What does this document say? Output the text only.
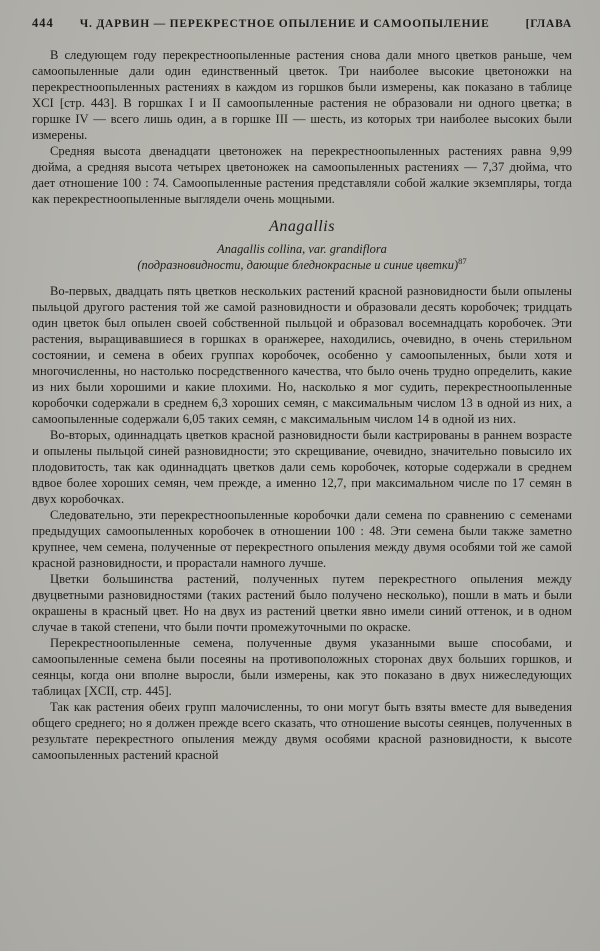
444 Ч. ДАРВИН — ПЕРЕКРЕСТНОЕ ОПЫЛЕНИЕ И САМООПЫЛЕНИЕ	[ГЛАВА

В следующем году перекрестноопыленные растения снова дали много цветков раньше, чем самоопыленные дали один единственный цветок. Три наиболее высокие цветоножки на перекрестноопыленных растениях в каждом из горшков были измерены, как показано в таблице XCI [стр. 443]. В горшках I и II самоопыленные растения не образовали ни одного цветка; в горшке IV — всего лишь один, а в горшке III — шесть, из которых три наиболее высоких были измерены.

Средняя высота двенадцати цветоножек на перекрестноопыленных растениях равна 9,99 дюйма, а средняя высота четырех цветоножек на самоопыленных растениях — 7,37 дюйма, что дает отношение 100 : 74. Самоопыленные растения представляли собой жалкие экземпляры, тогда как перекрестноопыленные выглядели очень мощными.

Anagallis
Anagallis collina, var. grandiflora
(подразновидности, дающие бледнокрасные и синие цветки)$^{87}$

Во-первых, двадцать пять цветков нескольких растений красной разновидности были опылены пыльцой другого растения той же самой разновидности и образовали десять коробочек; тридцать один цветок был опылен своей собственной пыльцой и образовал восемнадцать коробочек. Эти растения, выращивавшиеся в горшках в оранжерее, находились, очевидно, в очень стерильном состоянии, и семена в обеих группах коробочек, особенно у самоопыленных, были хотя и многочисленны, но настолько посредственного качества, что было очень трудно определить, какие из них были хорошими и какие плохими. Но, насколько я мог судить, перекрестноопыленные коробочки содержали в среднем 6,3 хороших семян, с максимальным числом 13 в одной из них, а самоопыленные содержали 6,05 таких семян, с максимальным числом 14 в одной из них.

Во-вторых, одиннадцать цветков красной разновидности были кастрированы в раннем возрасте и опылены пыльцой синей разновидности; это скрещивание, очевидно, значительно повысило их плодовитость, так как одиннадцать цветков дали семь коробочек, которые содержали в среднем вдвое более хороших семян, чем прежде, а именно 12,7, при максимальном числе по 17 семян в двух коробочках.

Следовательно, эти перекрестноопыленные коробочки дали семена по сравнению с семенами предыдущих самоопыленных коробочек в отношении 100 : 48. Эти семена были также заметно крупнее, чем семена, полученные от перекрестного опыления между двумя особями той же самой красной разновидности, и прорастали намного лучше.

Цветки большинства растений, полученных путем перекрестного опыления между двуцветными разновидностями (таких растений было получено несколько), пошли в мать и были окрашены в красный цвет. Но на двух из растений цветки явно имели синий оттенок, и в одном случае в такой степени, что были почти промежуточными по окраске.

Перекрестноопыленные семена, полученные двумя указанными выше способами, и самоопыленные семена были посеяны на противоположных сторонах двух больших горшков, и сеянцы, когда они вполне выросли, были измерены, как это показано в двух нижеследующих таблицах [XCII, стр. 445].

Так как растения обеих групп малочисленны, то они могут быть взяты вместе для выведения общего среднего; но я должен прежде всего сказать, что отношение высоты сеянцев, полученных в результате перекрестного опыления между двумя особями красной разновидности, к высоте самоопыленных растений красной
